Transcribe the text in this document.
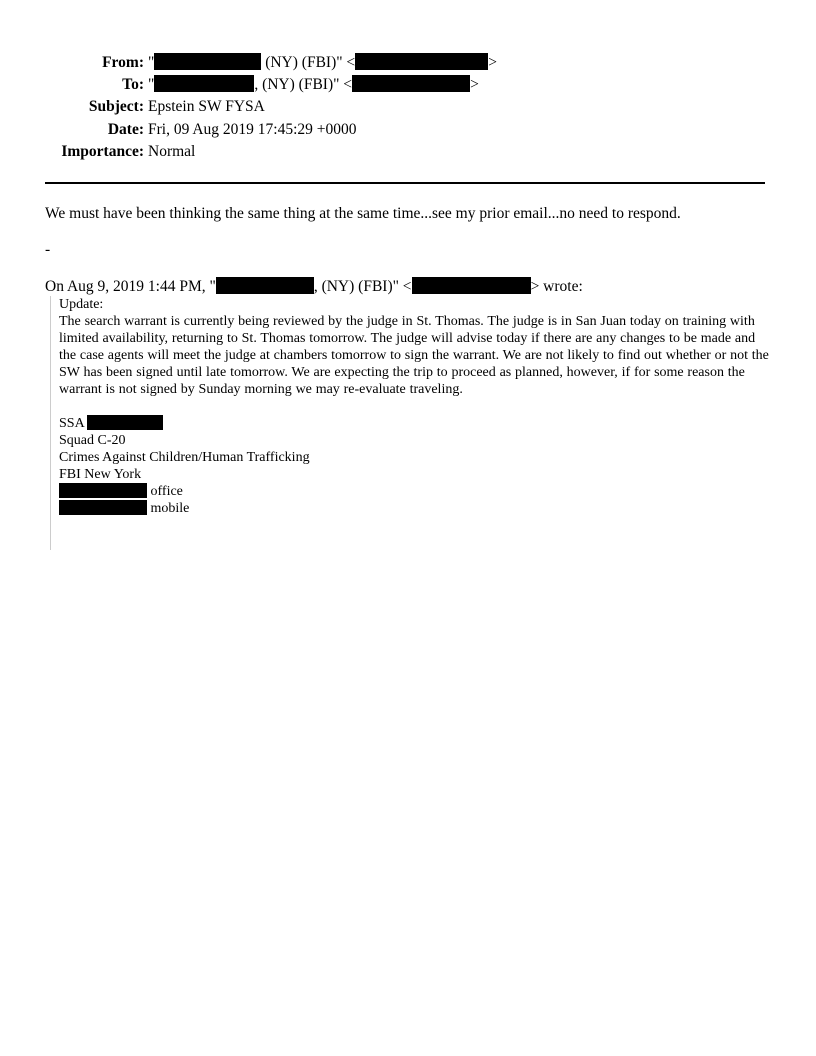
From:	" (NY) (FBI)" < >
To:	" , (NY) (FBI)" < >
Subject:	Epstein SW FYSA
Date:	Fri, 09 Aug 2019 17:45:29 +0000
Importance:	Normal
We must have been thinking the same thing at the same time...see my prior email...no need to respond.
-
On Aug 9, 2019 1:44 PM, "	, (NY) (FBI)" <	> wrote:

Update:

The search warrant is currently being reviewed by the judge in St. Thomas. The judge is in San Juan today on training with limited availability, returning to St. Thomas tomorrow. The judge will advise today if there are any changes to be made and the case agents will meet the judge at chambers tomorrow to sign the warrant. We are not likely to find out whether or not the SW has been signed until late tomorrow. We are expecting the trip to proceed as planned, however, if for some reason the warrant is not signed by Sunday morning we may re-evaluate traveling.

SSA
Squad C-20
Crimes Against Children/Human Trafficking
FBI New York
office
mobile
